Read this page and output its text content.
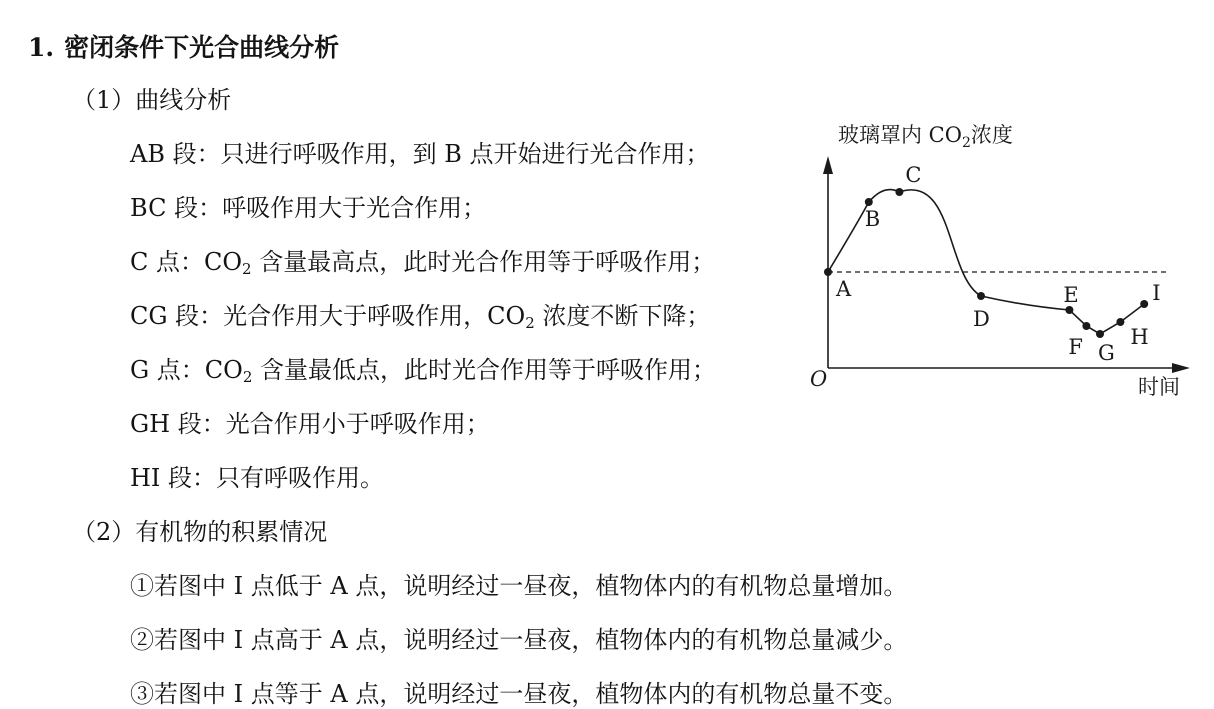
1. 密闭条件下光合曲线分析
（1）曲线分析
AB 段：只进行呼吸作用，到 B 点开始进行光合作用；
BC 段：呼吸作用大于光合作用；
C 点：$CO_2$ 含量最高点，此时光合作用等于呼吸作用；
CG 段：光合作用大于呼吸作用，$CO_2$ 浓度不断下降；
G 点：$CO_2$ 含量最低点，此时光合作用等于呼吸作用；
GH 段：光合作用小于呼吸作用；
HI 段：只有呼吸作用。
（2）有机物的积累情况
①若图中 I 点低于 A 点，说明经过一昼夜，植物体内的有机物总量增加。
②若图中 I 点高于 A 点，说明经过一昼夜，植物体内的有机物总量减少。
③若图中 I 点等于 A 点，说明经过一昼夜，植物体内的有机物总量不变。
玻璃罩内 $CO_2$浓度
O	时间
A
B
C
D
E
F G
H
I
